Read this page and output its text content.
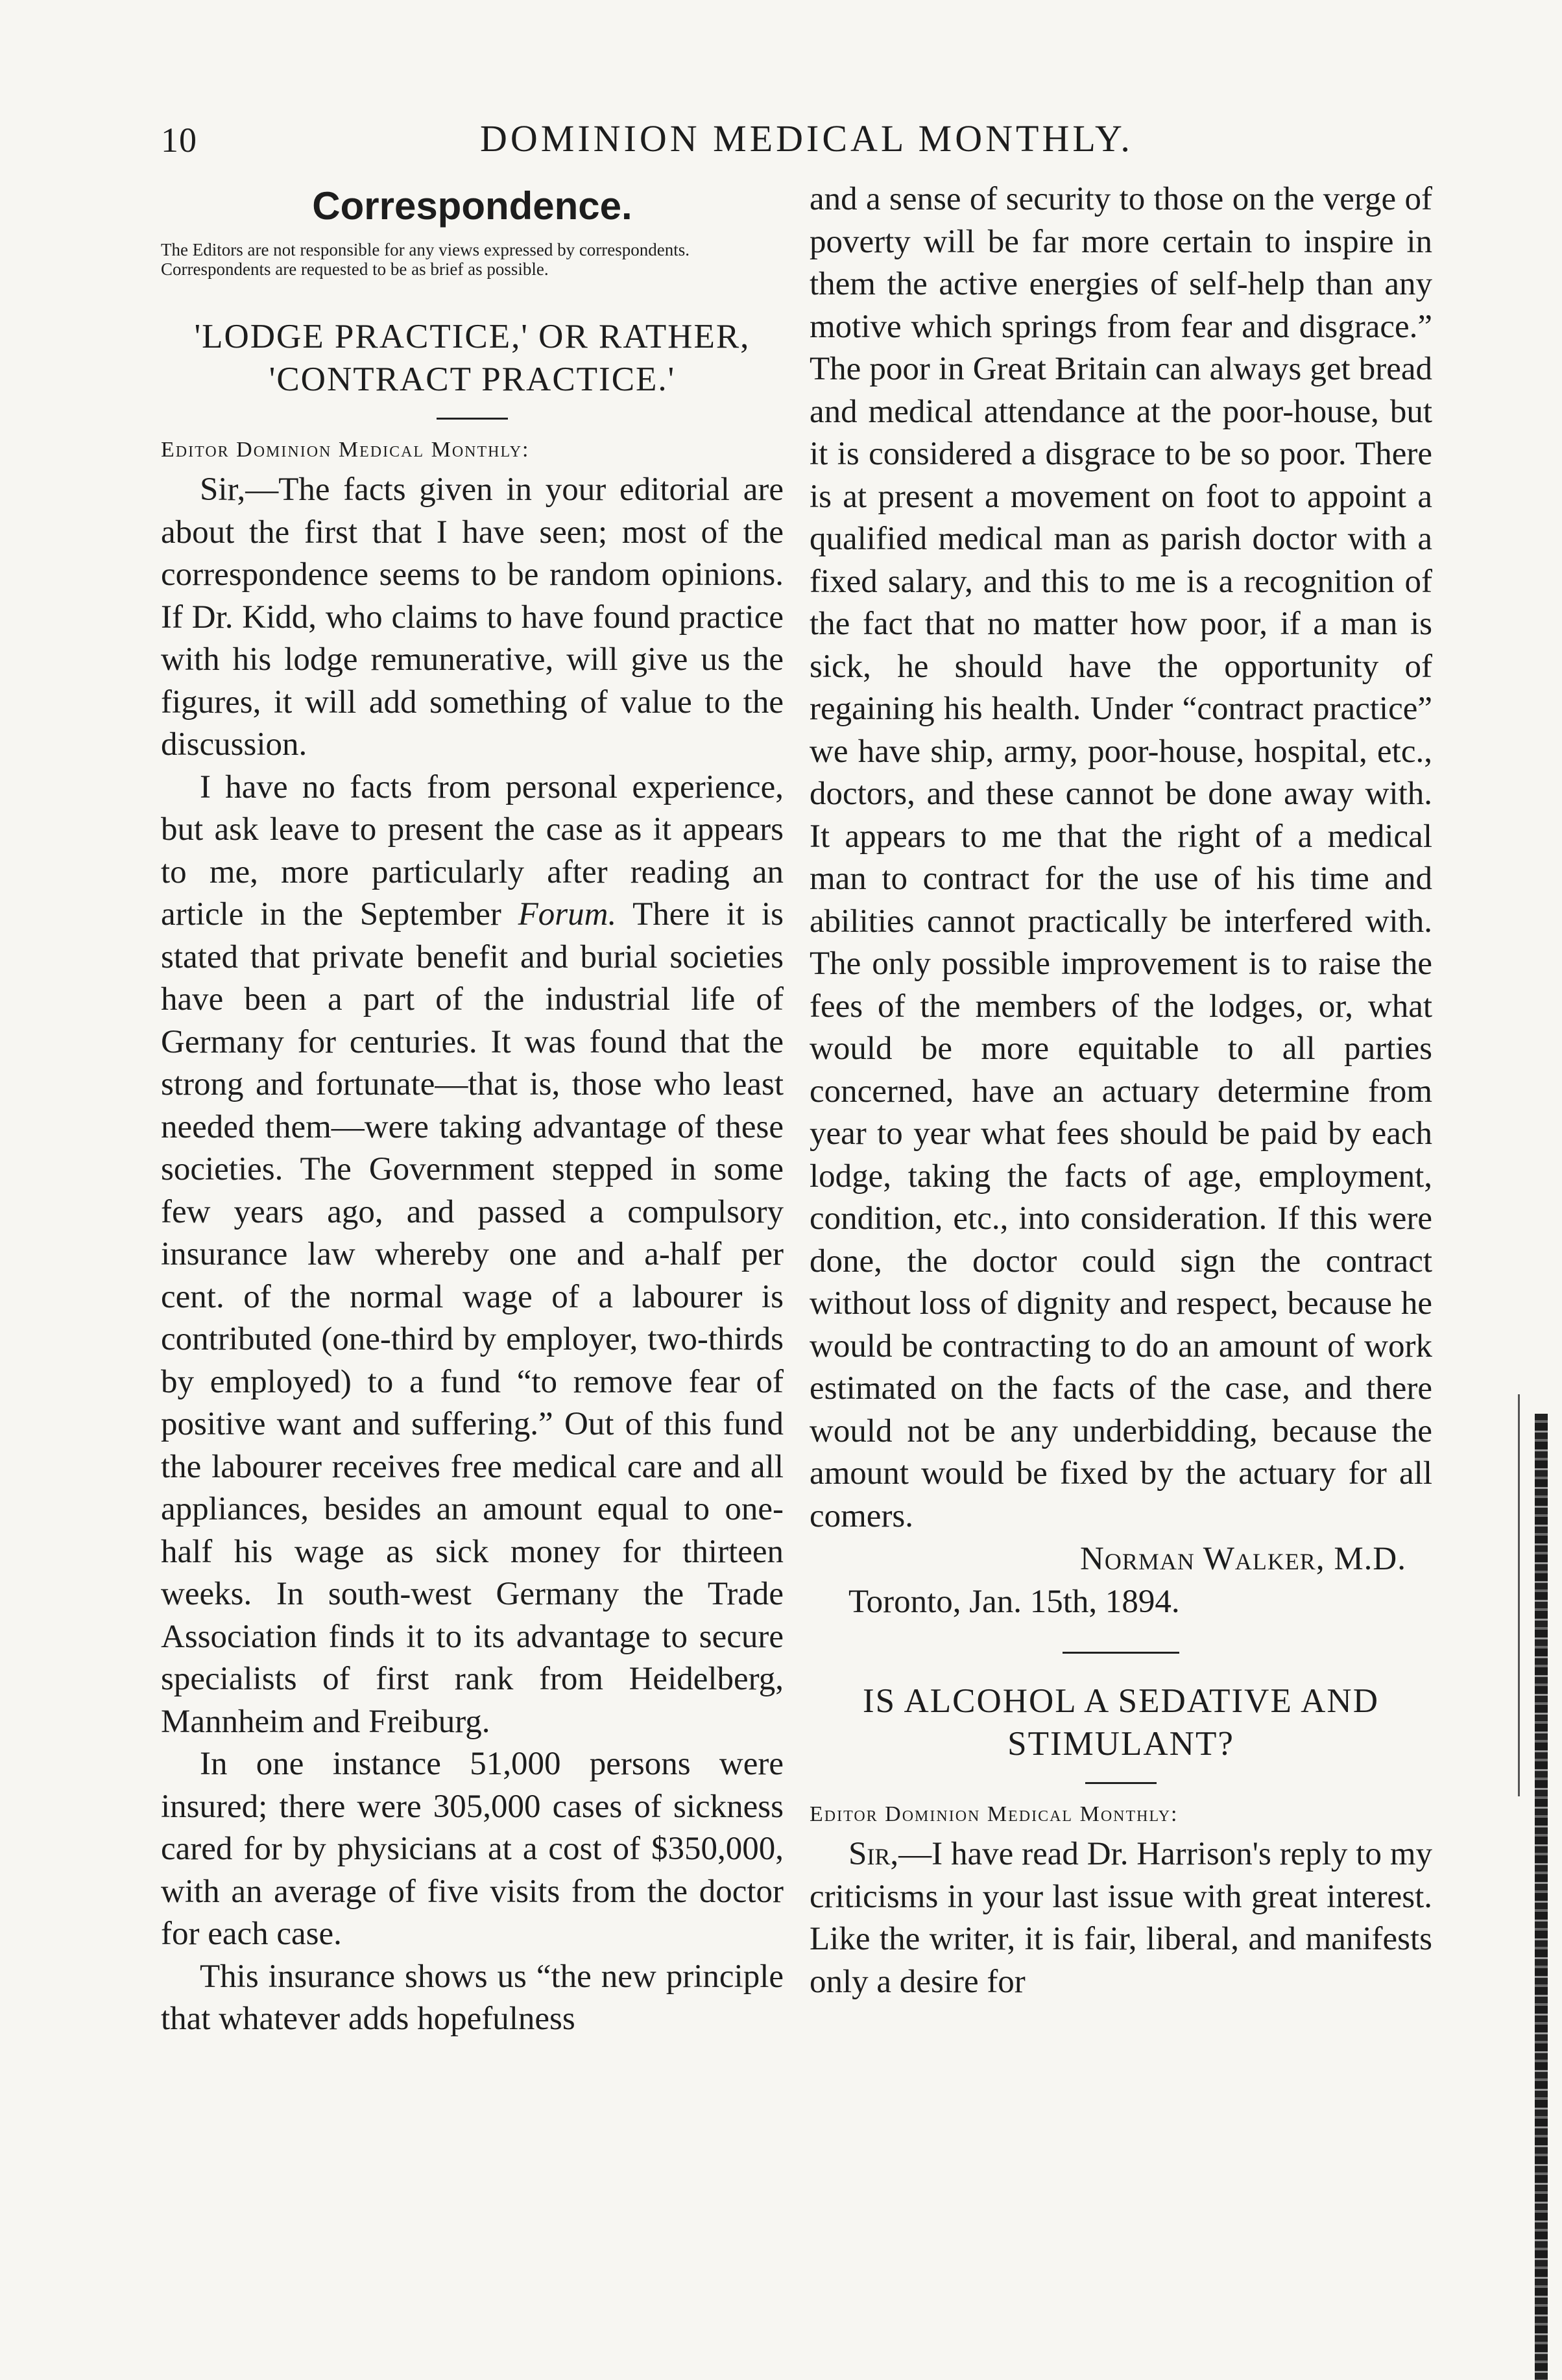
10	DOMINION MEDICAL MONTHLY.
Correspondence.

The Editors are not responsible for any views expressed by correspondents.

Correspondents are requested to be as brief as possible.

'LODGE PRACTICE,' OR RATHER, 'CONTRACT PRACTICE.'

Editor Dominion Medical Monthly:

Sir,—The facts given in your editorial are about the first that I have seen; most of the correspondence seems to be random opinions. If Dr. Kidd, who claims to have found practice with his lodge remunerative, will give us the figures, it will add something of value to the discussion.

I have no facts from personal experience, but ask leave to present the case as it appears to me, more particularly after reading an article in the September Forum. There it is stated that private benefit and burial societies have been a part of the industrial life of Germany for centuries. It was found that the strong and fortunate—that is, those who least needed them—were taking advantage of these societies. The Government stepped in some few years ago, and passed a compulsory insurance law whereby one and a-half per cent. of the normal wage of a labourer is contributed (one-third by employer, two-thirds by employed) to a fund “to remove fear of positive want and suffering.” Out of this fund the labourer receives free medical care and all appliances, besides an amount equal to one-half his wage as sick money for thirteen weeks. In south-west Germany the Trade Association finds it to its advantage to secure specialists of first rank from Heidelberg, Mannheim and Freiburg.

In one instance 51,000 persons were insured; there were 305,000 cases of sickness cared for by physicians at a cost of $350,000, with an average of five visits from the doctor for each case.

This insurance shows us “the new principle that whatever adds hopefulness

and a sense of security to those on the verge of poverty will be far more certain to inspire in them the active energies of self-help than any motive which springs from fear and disgrace.” The poor in Great Britain can always get bread and medical attendance at the poor-house, but it is considered a disgrace to be so poor. There is at present a movement on foot to appoint a qualified medical man as parish doctor with a fixed salary, and this to me is a recognition of the fact that no matter how poor, if a man is sick, he should have the opportunity of regaining his health. Under “contract practice” we have ship, army, poor-house, hospital, etc., doctors, and these cannot be done away with. It appears to me that the right of a medical man to contract for the use of his time and abilities cannot practically be interfered with. The only possible improvement is to raise the fees of the members of the lodges, or, what would be more equitable to all parties concerned, have an actuary determine from year to year what fees should be paid by each lodge, taking the facts of age, employment, condition, etc., into consideration. If this were done, the doctor could sign the contract without loss of dignity and respect, because he would be contracting to do an amount of work estimated on the facts of the case, and there would not be any underbidding, because the amount would be fixed by the actuary for all comers.

Norman Walker, M.D.

Toronto, Jan. 15th, 1894.

IS ALCOHOL A SEDATIVE AND STIMULANT?

Editor Dominion Medical Monthly:

Sir,—I have read Dr. Harrison's reply to my criticisms in your last issue with great interest. Like the writer, it is fair, liberal, and manifests only a desire for
